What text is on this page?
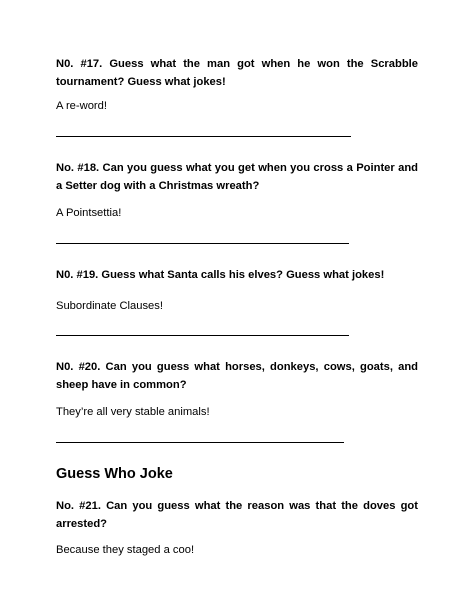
N0. #17. Guess what the man got when he won the Scrabble tournament? Guess what jokes!

A re-word!

No. #18. Can you guess what you get when you cross a Pointer and a Setter dog with a Christmas wreath?

A Pointsettia!

N0. #19. Guess what Santa calls his elves? Guess what jokes!

Subordinate Clauses!

N0. #20. Can you guess what horses, donkeys, cows, goats, and sheep have in common?

They’re all very stable animals!

Guess Who Joke

No. #21. Can you guess what the reason was that the doves got arrested?

Because they staged a coo!
